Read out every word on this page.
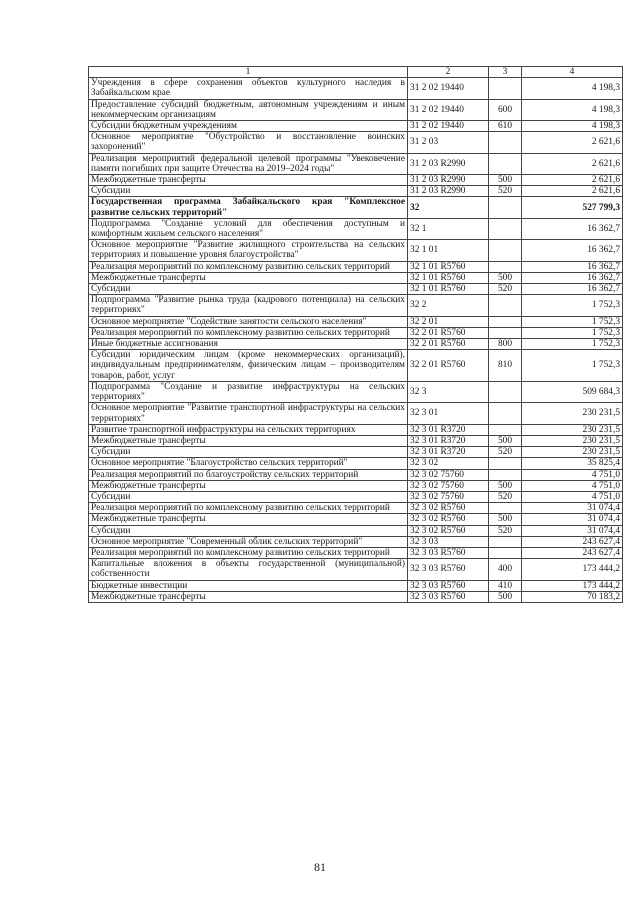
1	2	3	4
Учреждения в сфере сохранения объектов культурного наследия в Забайкальском крае	31 2 02 19440		4 198,3
Предоставление субсидий бюджетным, автономным учреждениям и иным некоммерческим организациям	31 2 02 19440	600	4 198,3
Субсидии бюджетным учреждениям	31 2 02 19440	610	4 198,3
Основное мероприятие "Обустройство и восстановление воинских захоронений"	31 2 03		2 621,6
Реализация мероприятий федеральной целевой программы "Увековечение памяти погибших при защите Отечества на 2019–2024 годы"	31 2 03 R2990		2 621,6
Межбюджетные трансферты	31 2 03 R2990	500	2 621,6
Субсидии	31 2 03 R2990	520	2 621,6
Государственная программа Забайкальского края "Комплексное развитие сельских территорий"	32		527 799,3
Подпрограмма "Создание условий для обеспечения доступным и комфортным жильем сельского населения"	32 1		16 362,7
Основное мероприятие "Развитие жилищного строительства на сельских территориях и повышение уровня благоустройства"	32 1 01		16 362,7
Реализация мероприятий по комплексному развитию сельских территорий	32 1 01 R5760		16 362,7
Межбюджетные трансферты	32 1 01 R5760	500	16 362,7
Субсидии	32 1 01 R5760	520	16 362,7
Подпрограмма "Развитие рынка труда (кадрового потенциала) на сельских территориях"	32 2		1 752,3
Основное мероприятие "Содействие занятости сельского населения"	32 2 01		1 752,3
Реализация мероприятий по комплексному развитию сельских территорий	32 2 01 R5760		1 752,3
Иные бюджетные ассигнования	32 2 01 R5760	800	1 752,3
Субсидии юридическим лицам (кроме некоммерческих организаций), индивидуальным предпринимателям, физическим лицам – производителям товаров, работ, услуг	32 2 01 R5760	810	1 752,3
Подпрограмма "Создание и развитие инфраструктуры на сельских территориях"	32 3		509 684,3
Основное мероприятие "Развитие транспортной инфраструктуры на сельских территориях"	32 3 01		230 231,5
Развитие транспортной инфраструктуры на сельских территориях	32 3 01 R3720		230 231,5
Межбюджетные трансферты	32 3 01 R3720	500	230 231,5
Субсидии	32 3 01 R3720	520	230 231,5
Основное мероприятие "Благоустройство сельских территорий"	32 3 02		35 825,4
Реализация мероприятий по благоустройству сельских территорий	32 3 02 75760		4 751,0
Межбюджетные трансферты	32 3 02 75760	500	4 751,0
Субсидии	32 3 02 75760	520	4 751,0
Реализация мероприятий по комплексному развитию сельских территорий	32 3 02 R5760		31 074,4
Межбюджетные трансферты	32 3 02 R5760	500	31 074,4
Субсидии	32 3 02 R5760	520	31 074,4
Основное мероприятие "Современный облик сельских территорий"	32 3 03		243 627,4
Реализация мероприятий по комплексному развитию сельских территорий	32 3 03 R5760		243 627,4
Капитальные вложения в объекты государственной (муниципальной) собственности	32 3 03 R5760	400	173 444,2
Бюджетные инвестиции	32 3 03 R5760	410	173 444,2
Межбюджетные трансферты	32 3 03 R5760	500	70 183,2
81
